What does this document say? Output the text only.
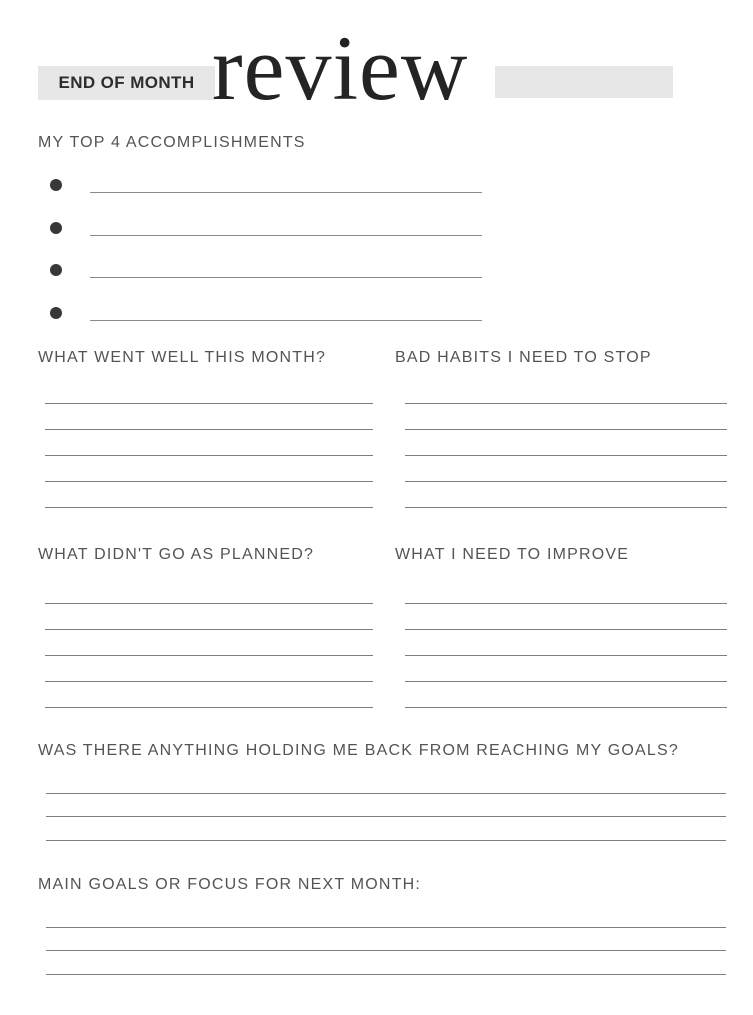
END OF MONTH review
MY TOP 4 ACCOMPLISHMENTS
WHAT WENT WELL THIS MONTH?	BAD HABITS I NEED TO STOP
WHAT DIDN'T GO AS PLANNED?	WHAT I NEED TO IMPROVE
WAS THERE ANYTHING HOLDING ME BACK FROM REACHING MY GOALS?
MAIN GOALS OR FOCUS FOR NEXT MONTH:
